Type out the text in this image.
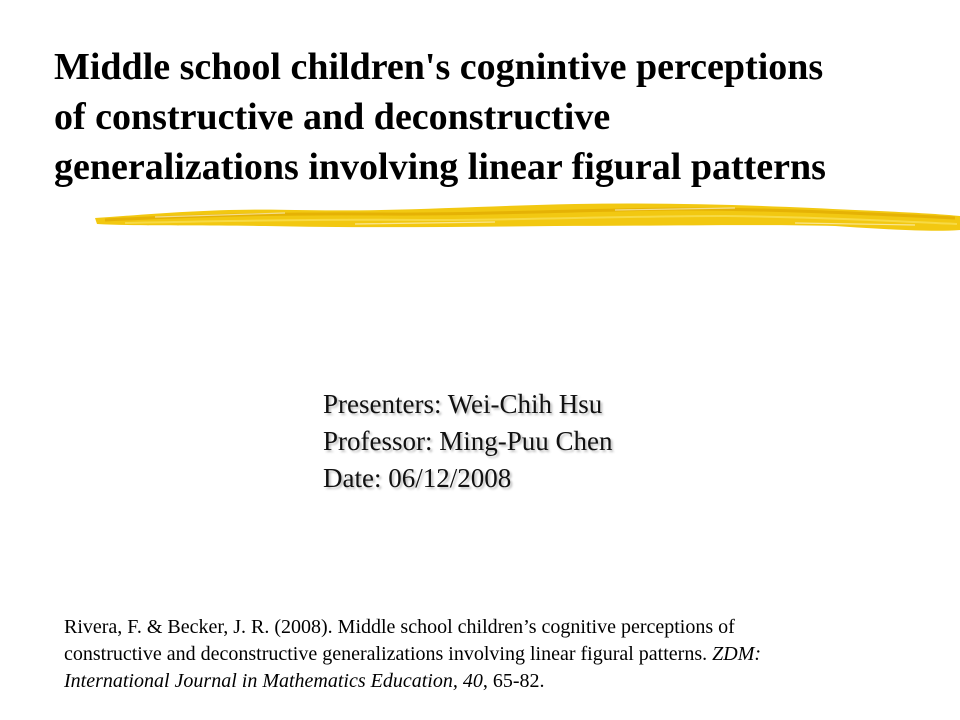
Middle school children's cognintive perceptions
of constructive and deconstructive
generalizations involving linear figural patterns
Presenters: Wei-Chih Hsu
Professor: Ming-Puu Chen
Date: 06/12/2008
Rivera, F. & Becker, J. R. (2008). Middle school children’s cognitive perceptions of
constructive and deconstructive generalizations involving linear figural patterns. ZDM:
International Journal in Mathematics Education, 40, 65-82.
